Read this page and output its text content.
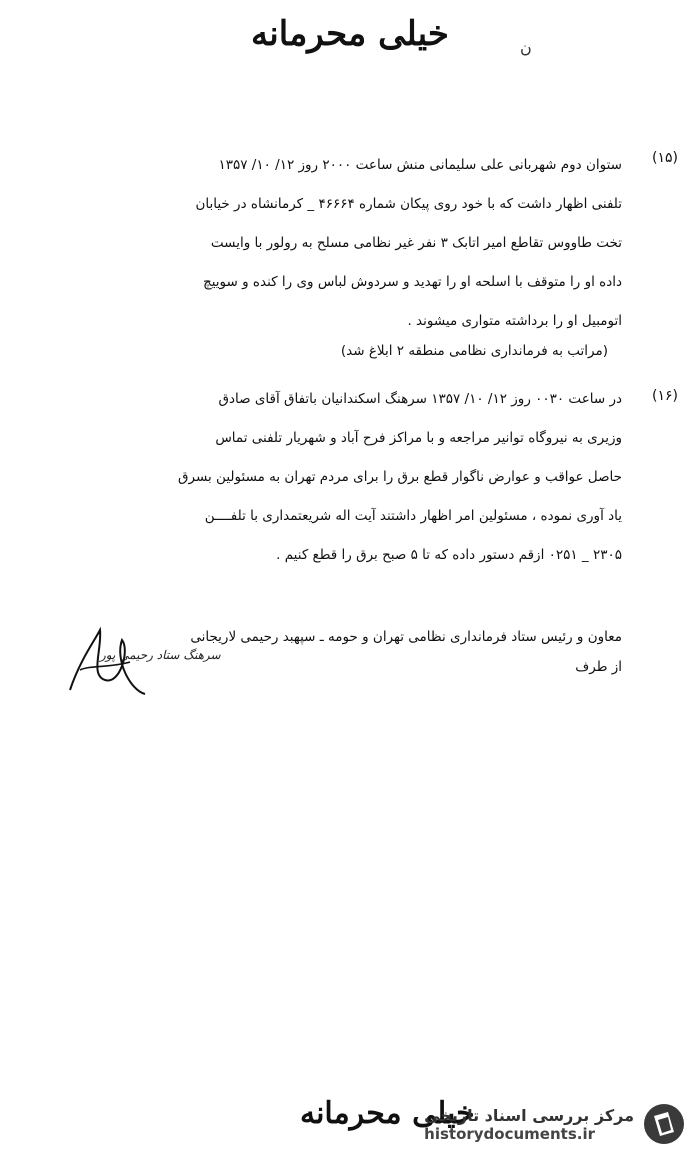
خیلی محرمانه	ن
(۱۵)
ستوان دوم شهربانی علی سلیمانی منش ساعت ۲۰۰۰ روز ۱۲/ ۱۰/ ۱۳۵۷
تلفنی اظهار داشت که با خود روی پیکان شماره ۴۶۶۶۴ _ کرمانشاه در خیابان
تخت طاووس تقاطع امیر اتابک ۳ نفر غیر نظامی مسلح به رولور با وایست
داده او را متوقف با اسلحه او را تهدید و سردوش لباس وی را کنده و سوییچ
اتومبیل او را برداشته متواری میشوند .
(مراتب به فرمانداری نظامی منطقه ۲ ابلاغ شد)
(۱۶)
در ساعت ۰۰۳۰ روز ۱۲/ ۱۰/ ۱۳۵۷ سرهنگ اسکندانیان باتفاق آقای صادق
وزیری به نیروگاه توانیر مراجعه و با مراکز فرح آباد و شهریار تلفنی تماس
حاصل عواقب و عوارض ناگوار قطع برق را برای مردم تهران به مسئولین بسرق
یاد آوری نموده ، مسئولین امر اظهار داشتند آیت اله شریعتمداری با تلفــــن
۲۳۰۵ _ ۰۲۵۱ ازقم دستور داده که تا ۵ صبح برق را قطع کنیم .
معاون و رئیس ستاد فرمانداری نظامی تهران و حومه ـ سپهبد رحیمی لاریجانی
از طرف
سرهنگ ستاد رحیمی پور
خیلی محرمانه
مرکز بررسی اسناد تاریخی
historydocuments.ir
